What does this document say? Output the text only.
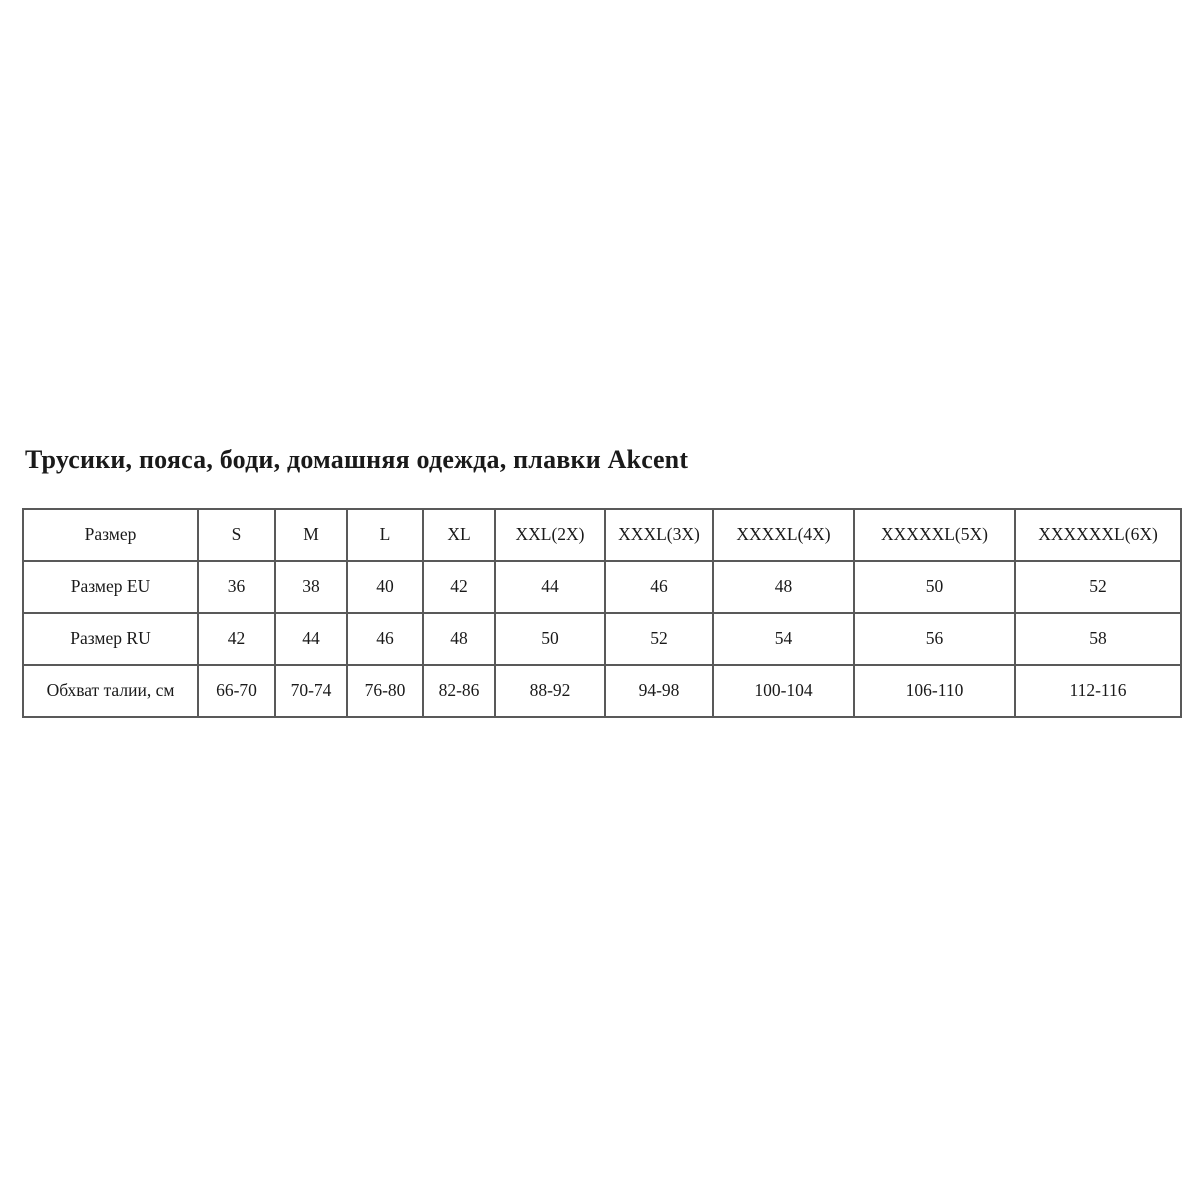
Трусики, пояса, боди, домашняя одежда, плавки Akcent
Размер	S	M	L	XL	XXL(2X)	XXXL(3X)	XXXXL(4X)	XXXXXL(5X)	XXXXXXL(6X)
Размер EU	36	38	40	42	44	46	48	50	52
Размер RU	42	44	46	48	50	52	54	56	58
Обхват талии, см	66-70	70-74	76-80	82-86	88-92	94-98	100-104	106-110	112-116
